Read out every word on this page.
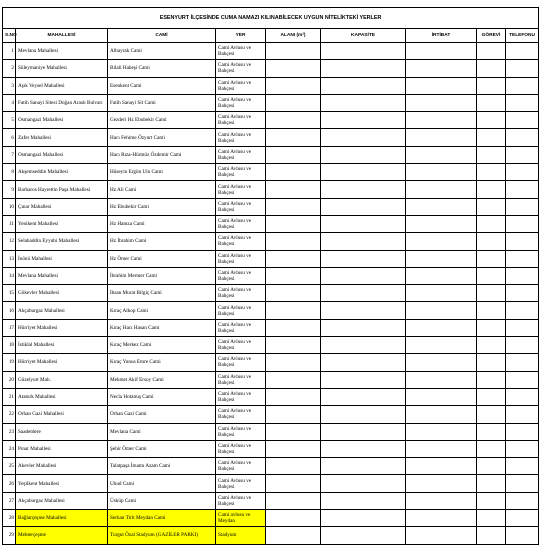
ESENYURT İLÇESİNDE CUMA NAMAZI KILINABİLECEK UYGUN NİTELİKTEKİ YERLER								
S.NO	MAHALLESİ	CAMİ	YER	ALANI (m²)	KAPASİTE	İRTİBAT	GÖREVİ	TELEFONU
1	Mevlana Mahallesi	Albayrak Cami	Cami Avlusu ve Bahçesi					
2	Süleymaniye Mahallesi	Bilali Habeşi Cami	Cami Avlusu ve Bahçesi					
3	Aşık Veysel Mahallesi	Esenkent Cami	Cami Avlusu ve Bahçesi					
4	Fatih Sanayi Sitesi Doğan Araslı Bulvarı	Fatih Sanayi Sit Cami	Cami Avlusu ve Bahçesi					
5	Osmangazi Mahallesi	Gezderi Hz Ebubekir Cami	Cami Avlusu ve Bahçesi					
6	Zafer Mahallesi	Hacı Fehime Özyurt Cami	Cami Avlusu ve Bahçesi					
7	Osmangazi Mahallesi	Hacı Rıza-Hürmüz Özdemir Cami	Cami Avlusu ve Bahçesi					
8	Akşemseddin Mahallesi	Hüseyin Ergün Ulu Cami	Cami Avlusu ve Bahçesi					
9	Barbaros Hayrettin Paşa Mahallesi	Hz Ali Cami	Cami Avlusu ve Bahçesi					
10	Çınar Mahallesi	Hz Ebubekir Cami	Cami Avlusu ve Bahçesi					
11	Yenikent Mahallesi	Hz Hamza Cami	Cami Avlusu ve Bahçesi					
12	Selahaddin Eyyubi Mahallesi	Hz İbrahim Cami	Cami Avlusu ve Bahçesi					
13	İnönü Mahallesi	Hz Ömer Cami	Cami Avlusu ve Bahçesi					
14	Mevlana Mahallesi	İbrahim Mermer Cami	Cami Avlusu ve Bahçesi					
15	Gökevler Mahallesi	İhsan Murat Bilgiç Cami	Cami Avlusu ve Bahçesi					
16	Akçaburgaz Mahallesi	Kıraç Alkop Cami	Cami Avlusu ve Bahçesi					
17	Hürriyet Mahallesi	Kıraç Hacı Hasan Cami	Cami Avlusu ve Bahçesi					
18	İstiklal Mahallesi	Kıraç Merkez Cami	Cami Avlusu ve Bahçesi					
19	Hürriyet Mahallesi	Kıraç Yunus Emre Cami	Cami Avlusu ve Bahçesi					
20	Güzelyurt Mah.	Mehmet Akif Ersoy Cami	Cami Avlusu ve Bahçesi					
21	Ataturk Mahallesi	Necla Hotamış Cami	Cami Avlusu ve Bahçesi					
22	Orhan Gazi Mahallesi	Orhan Gazi Cami	Cami Avlusu ve Bahçesi					
23	Saadetdere	Mevlana Cami	Cami Avlusu ve Bahçesi					
24	Pınar Mahallesi	Şehir Ömer Cami	Cami Avlusu ve Bahçesi					
25	Akevler Mahallesi	Talatpaşa İmamı Azam Cami	Cami Avlusu ve Bahçesi					
26	Yeşilkent Mahallesi	Uhud Cami	Cami Avlusu ve Bahçesi					
27	Akçaburgaz Mahallesi	Üsküp Cami	Cami Avlusu ve Bahçesi					
28	Bağlarçeşme Mahallesi	Serhan Tirit Meydan Cami	Cami avlusu ve Meydan					
29	Mehterçeşme	Turgut Özal Stadyum (GAZİLER PARKI)	Stadyum					
